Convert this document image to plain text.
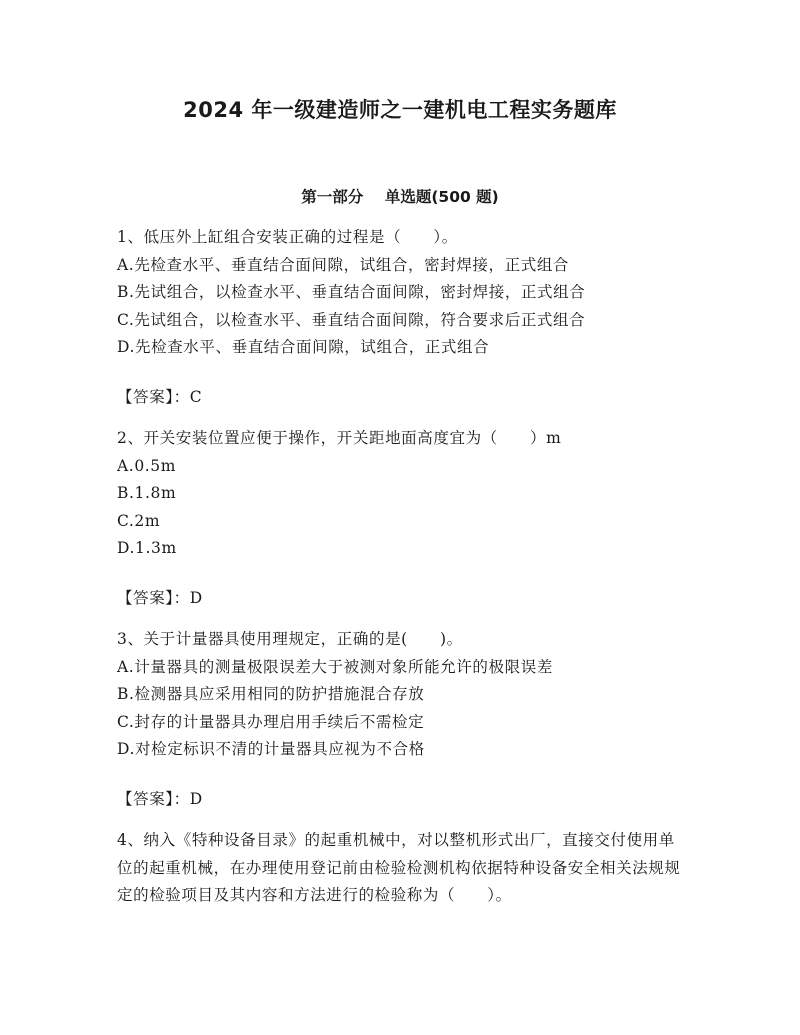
2024 年一级建造师之一建机电工程实务题库
第一部分    单选题(500 题)
1、低压外上缸组合安装正确的过程是（　　）。
A.先检查水平、垂直结合面间隙，试组合，密封焊接，正式组合
B.先试组合，以检查水平、垂直结合面间隙，密封焊接，正式组合
C.先试组合，以检查水平、垂直结合面间隙，符合要求后正式组合
D.先检查水平、垂直结合面间隙，试组合，正式组合
【答案】：C
2、开关安装位置应便于操作，开关距地面高度宜为（　　）m
A.0.5m
B.1.8m
C.2m
D.1.3m
【答案】：D
3、关于计量器具使用理规定，正确的是(　　)。
A.计量器具的测量极限误差大于被测对象所能允许的极限误差
B.检测器具应采用相同的防护措施混合存放
C.封存的计量器具办理启用手续后不需检定
D.对检定标识不清的计量器具应视为不合格
【答案】：D
4、纳入《特种设备目录》的起重机械中，对以整机形式出厂，直接交付使用单位的起重机械，在办理使用登记前由检验检测机构依据特种设备安全相关法规规定的检验项目及其内容和方法进行的检验称为（　　）。
